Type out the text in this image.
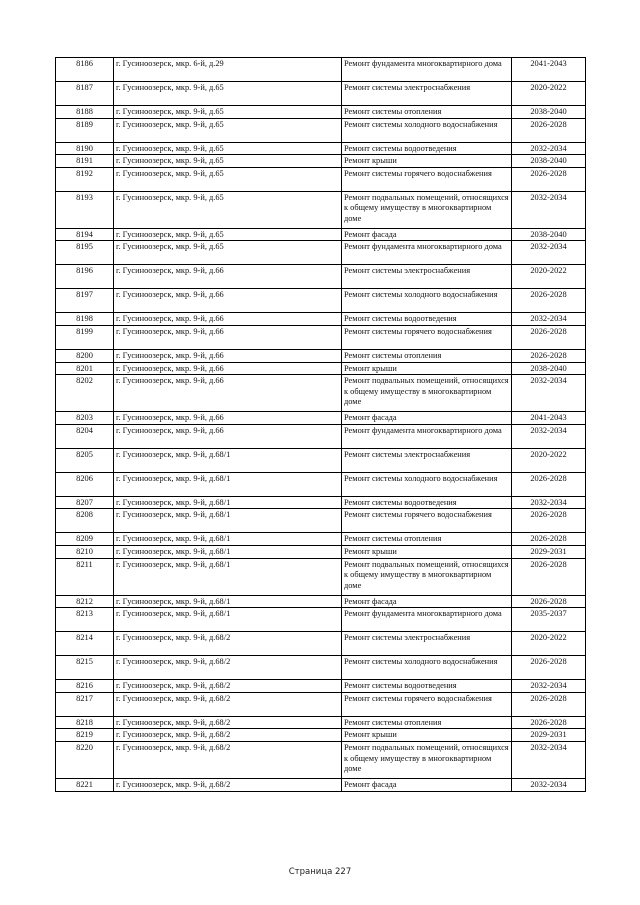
8186	г. Гусиноозерск, мкр. 6-й, д.29	Ремонт фундамента многоквартирного дома	2041-2043
8187	г. Гусиноозерск, мкр. 9-й, д.65	Ремонт системы электроснабжения	2020-2022
8188	г. Гусиноозерск, мкр. 9-й, д.65	Ремонт системы отопления	2038-2040
8189	г. Гусиноозерск, мкр. 9-й, д.65	Ремонт системы холодного водоснабжения	2026-2028
8190	г. Гусиноозерск, мкр. 9-й, д.65	Ремонт системы водоотведения	2032-2034
8191	г. Гусиноозерск, мкр. 9-й, д.65	Ремонт крыши	2038-2040
8192	г. Гусиноозерск, мкр. 9-й, д.65	Ремонт системы горячего водоснабжения	2026-2028
8193	г. Гусиноозерск, мкр. 9-й, д.65	Ремонт подвальных помещений, относящихся к общему имуществу в многоквартирном доме	2032-2034
8194	г. Гусиноозерск, мкр. 9-й, д.65	Ремонт фасада	2038-2040
8195	г. Гусиноозерск, мкр. 9-й, д.65	Ремонт фундамента многоквартирного дома	2032-2034
8196	г. Гусиноозерск, мкр. 9-й, д.66	Ремонт системы электроснабжения	2020-2022
8197	г. Гусиноозерск, мкр. 9-й, д.66	Ремонт системы холодного водоснабжения	2026-2028
8198	г. Гусиноозерск, мкр. 9-й, д.66	Ремонт системы водоотведения	2032-2034
8199	г. Гусиноозерск, мкр. 9-й, д.66	Ремонт системы горячего водоснабжения	2026-2028
8200	г. Гусиноозерск, мкр. 9-й, д.66	Ремонт системы отопления	2026-2028
8201	г. Гусиноозерск, мкр. 9-й, д.66	Ремонт крыши	2038-2040
8202	г. Гусиноозерск, мкр. 9-й, д.66	Ремонт подвальных помещений, относящихся к общему имуществу в многоквартирном доме	2032-2034
8203	г. Гусиноозерск, мкр. 9-й, д.66	Ремонт фасада	2041-2043
8204	г. Гусиноозерск, мкр. 9-й, д.66	Ремонт фундамента многоквартирного дома	2032-2034
8205	г. Гусиноозерск, мкр. 9-й, д.68/1	Ремонт системы электроснабжения	2020-2022
8206	г. Гусиноозерск, мкр. 9-й, д.68/1	Ремонт системы холодного водоснабжения	2026-2028
8207	г. Гусиноозерск, мкр. 9-й, д.68/1	Ремонт системы водоотведения	2032-2034
8208	г. Гусиноозерск, мкр. 9-й, д.68/1	Ремонт системы горячего водоснабжения	2026-2028
8209	г. Гусиноозерск, мкр. 9-й, д.68/1	Ремонт системы отопления	2026-2028
8210	г. Гусиноозерск, мкр. 9-й, д.68/1	Ремонт крыши	2029-2031
8211	г. Гусиноозерск, мкр. 9-й, д.68/1	Ремонт подвальных помещений, относящихся к общему имуществу в многоквартирном доме	2026-2028
8212	г. Гусиноозерск, мкр. 9-й, д.68/1	Ремонт фасада	2026-2028
8213	г. Гусиноозерск, мкр. 9-й, д.68/1	Ремонт фундамента многоквартирного дома	2035-2037
8214	г. Гусиноозерск, мкр. 9-й, д.68/2	Ремонт системы электроснабжения	2020-2022
8215	г. Гусиноозерск, мкр. 9-й, д.68/2	Ремонт системы холодного водоснабжения	2026-2028
8216	г. Гусиноозерск, мкр. 9-й, д.68/2	Ремонт системы водоотведения	2032-2034
8217	г. Гусиноозерск, мкр. 9-й, д.68/2	Ремонт системы горячего водоснабжения	2026-2028
8218	г. Гусиноозерск, мкр. 9-й, д.68/2	Ремонт системы отопления	2026-2028
8219	г. Гусиноозерск, мкр. 9-й, д.68/2	Ремонт крыши	2029-2031
8220	г. Гусиноозерск, мкр. 9-й, д.68/2	Ремонт подвальных помещений, относящихся к общему имуществу в многоквартирном доме	2032-2034
8221	г. Гусиноозерск, мкр. 9-й, д.68/2	Ремонт фасада	2032-2034
Страница 227
